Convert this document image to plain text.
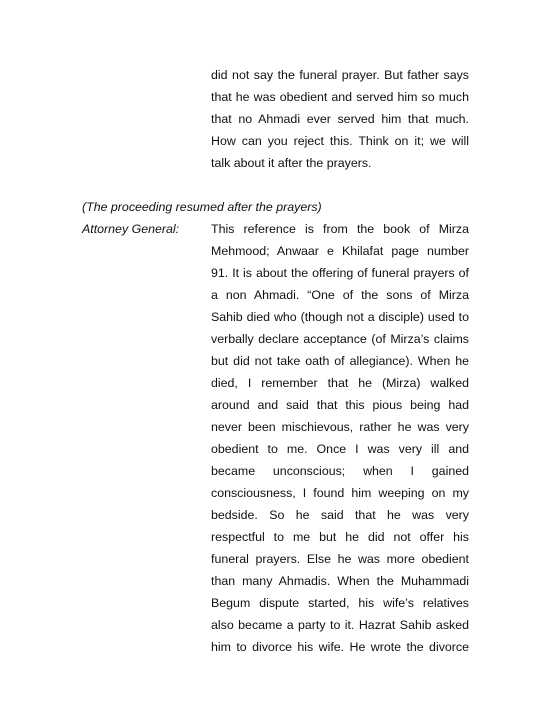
did not say the funeral prayer. But father says
that he was obedient and served him so much
that no Ahmadi ever served him that much.
How can you reject this. Think on it; we will
talk about it after the prayers.
(The proceeding resumed after the prayers)
Attorney General:	This reference is from the book of Mirza
Mehmood; Anwaar e Khilafat page number
91. It is about the offering of funeral prayers of
a non Ahmadi. “One of the sons of Mirza
Sahib died who (though not a disciple) used to
verbally declare acceptance (of Mirza’s claims
but did not take oath of allegiance). When he
died, I remember that he (Mirza) walked
around and said that this pious being had
never been mischievous, rather he was very
obedient to me. Once I was very ill and
became unconscious; when I gained
consciousness, I found him weeping on my
bedside. So he said that he was very
respectful to me but he did not offer his
funeral prayers. Else he was more obedient
than many Ahmadis. When the Muhammadi
Begum dispute started, his wife’s relatives
also became a party to it. Hazrat Sahib asked
him to divorce his wife. He wrote the divorce
